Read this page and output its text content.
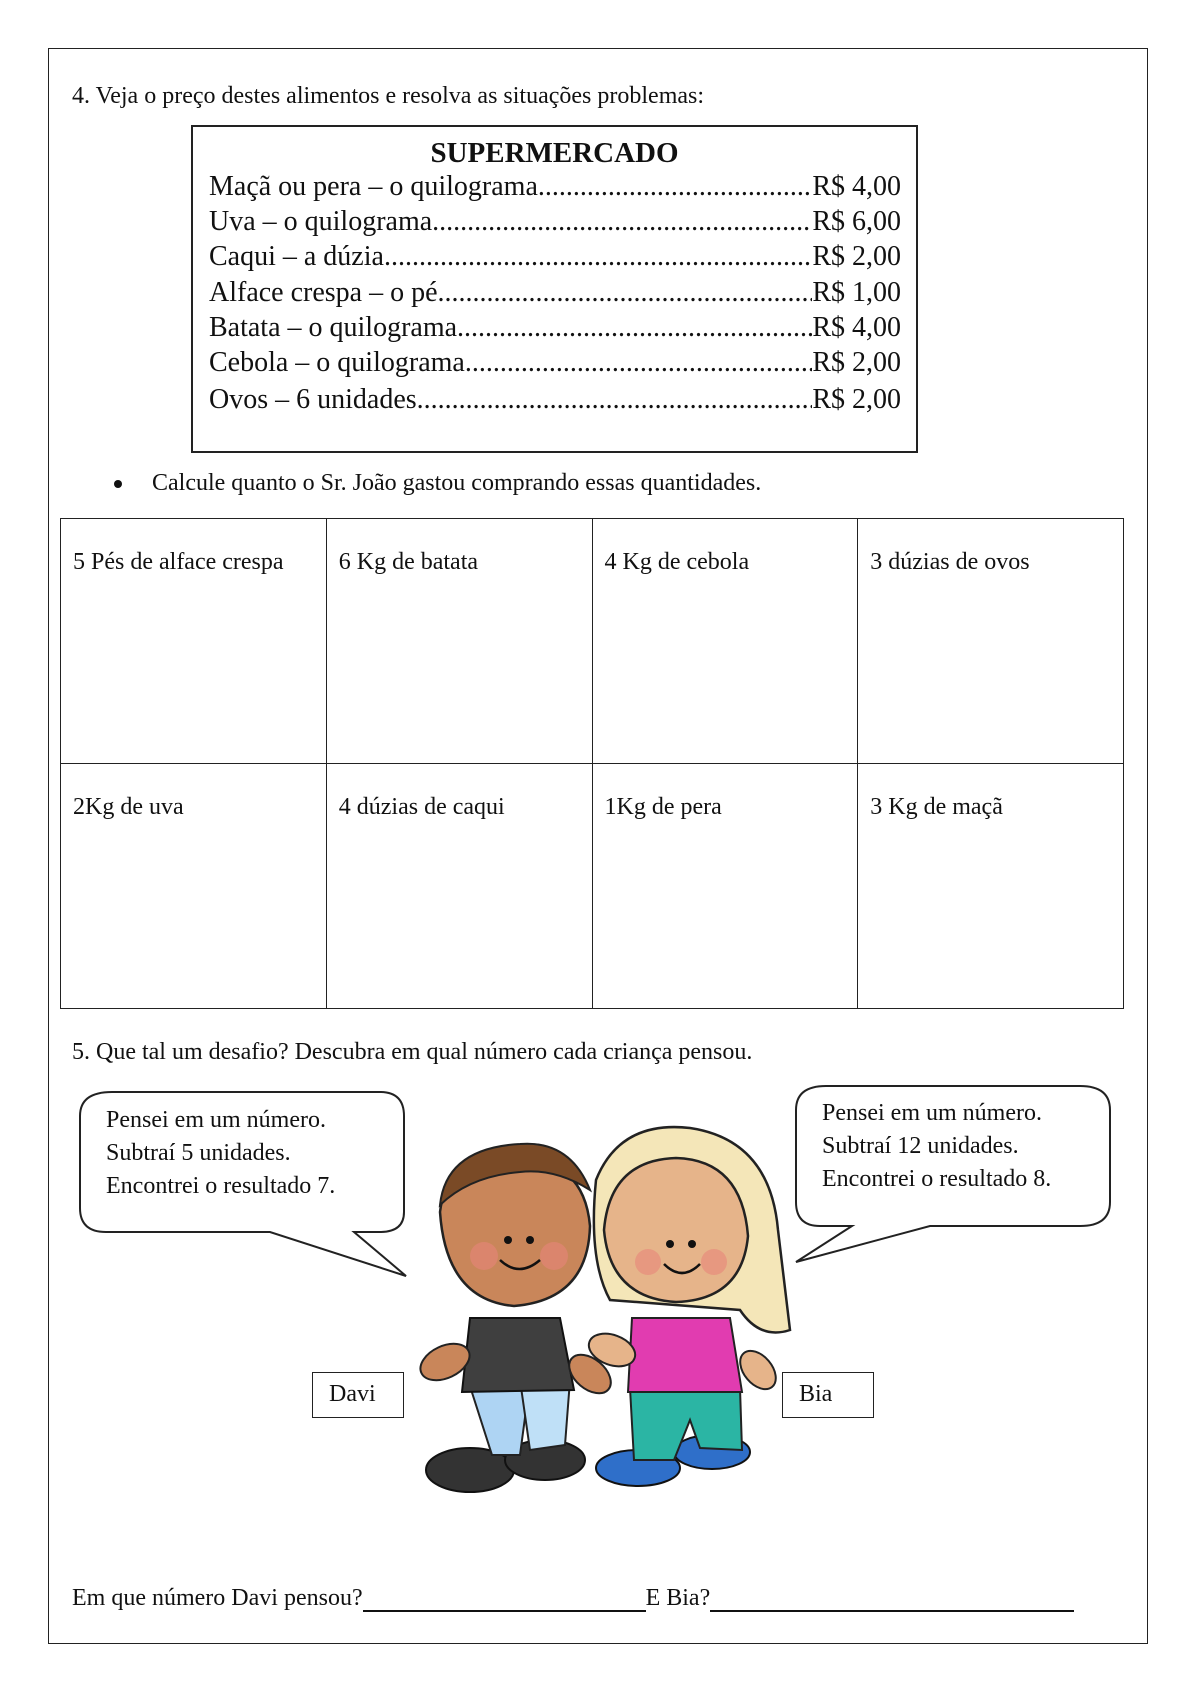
4. Veja o preço destes alimentos e resolva as situações problemas:
SUPERMERCADO
Maçã ou pera – o quilograma .....	R$ 4,00
Uva – o quilograma .....	R$ 6,00
Caqui – a dúzia .....	R$ 2,00
Alface crespa – o pé .....	R$ 1,00
Batata – o quilograma .....	R$ 4,00
Cebola – o quilograma .....	R$ 2,00
Ovos – 6 unidades .....	R$ 2,00
Calcule quanto o Sr. João gastou comprando essas quantidades.
5 Pés de alface crespa	6 Kg de batata	4 Kg de cebola	3 dúzias de ovos
2Kg de uva	4 dúzias de caqui	1Kg de pera	3 Kg de maçã
5. Que tal um desafio? Descubra em qual número cada criança pensou.
Pensei em um número.
Subtraí 5 unidades.
Encontrei o resultado 7.
Pensei em um número.
Subtraí 12 unidades.
Encontrei o resultado 8.
Davi	Bia
Em que número Davi pensou?	E Bia?
